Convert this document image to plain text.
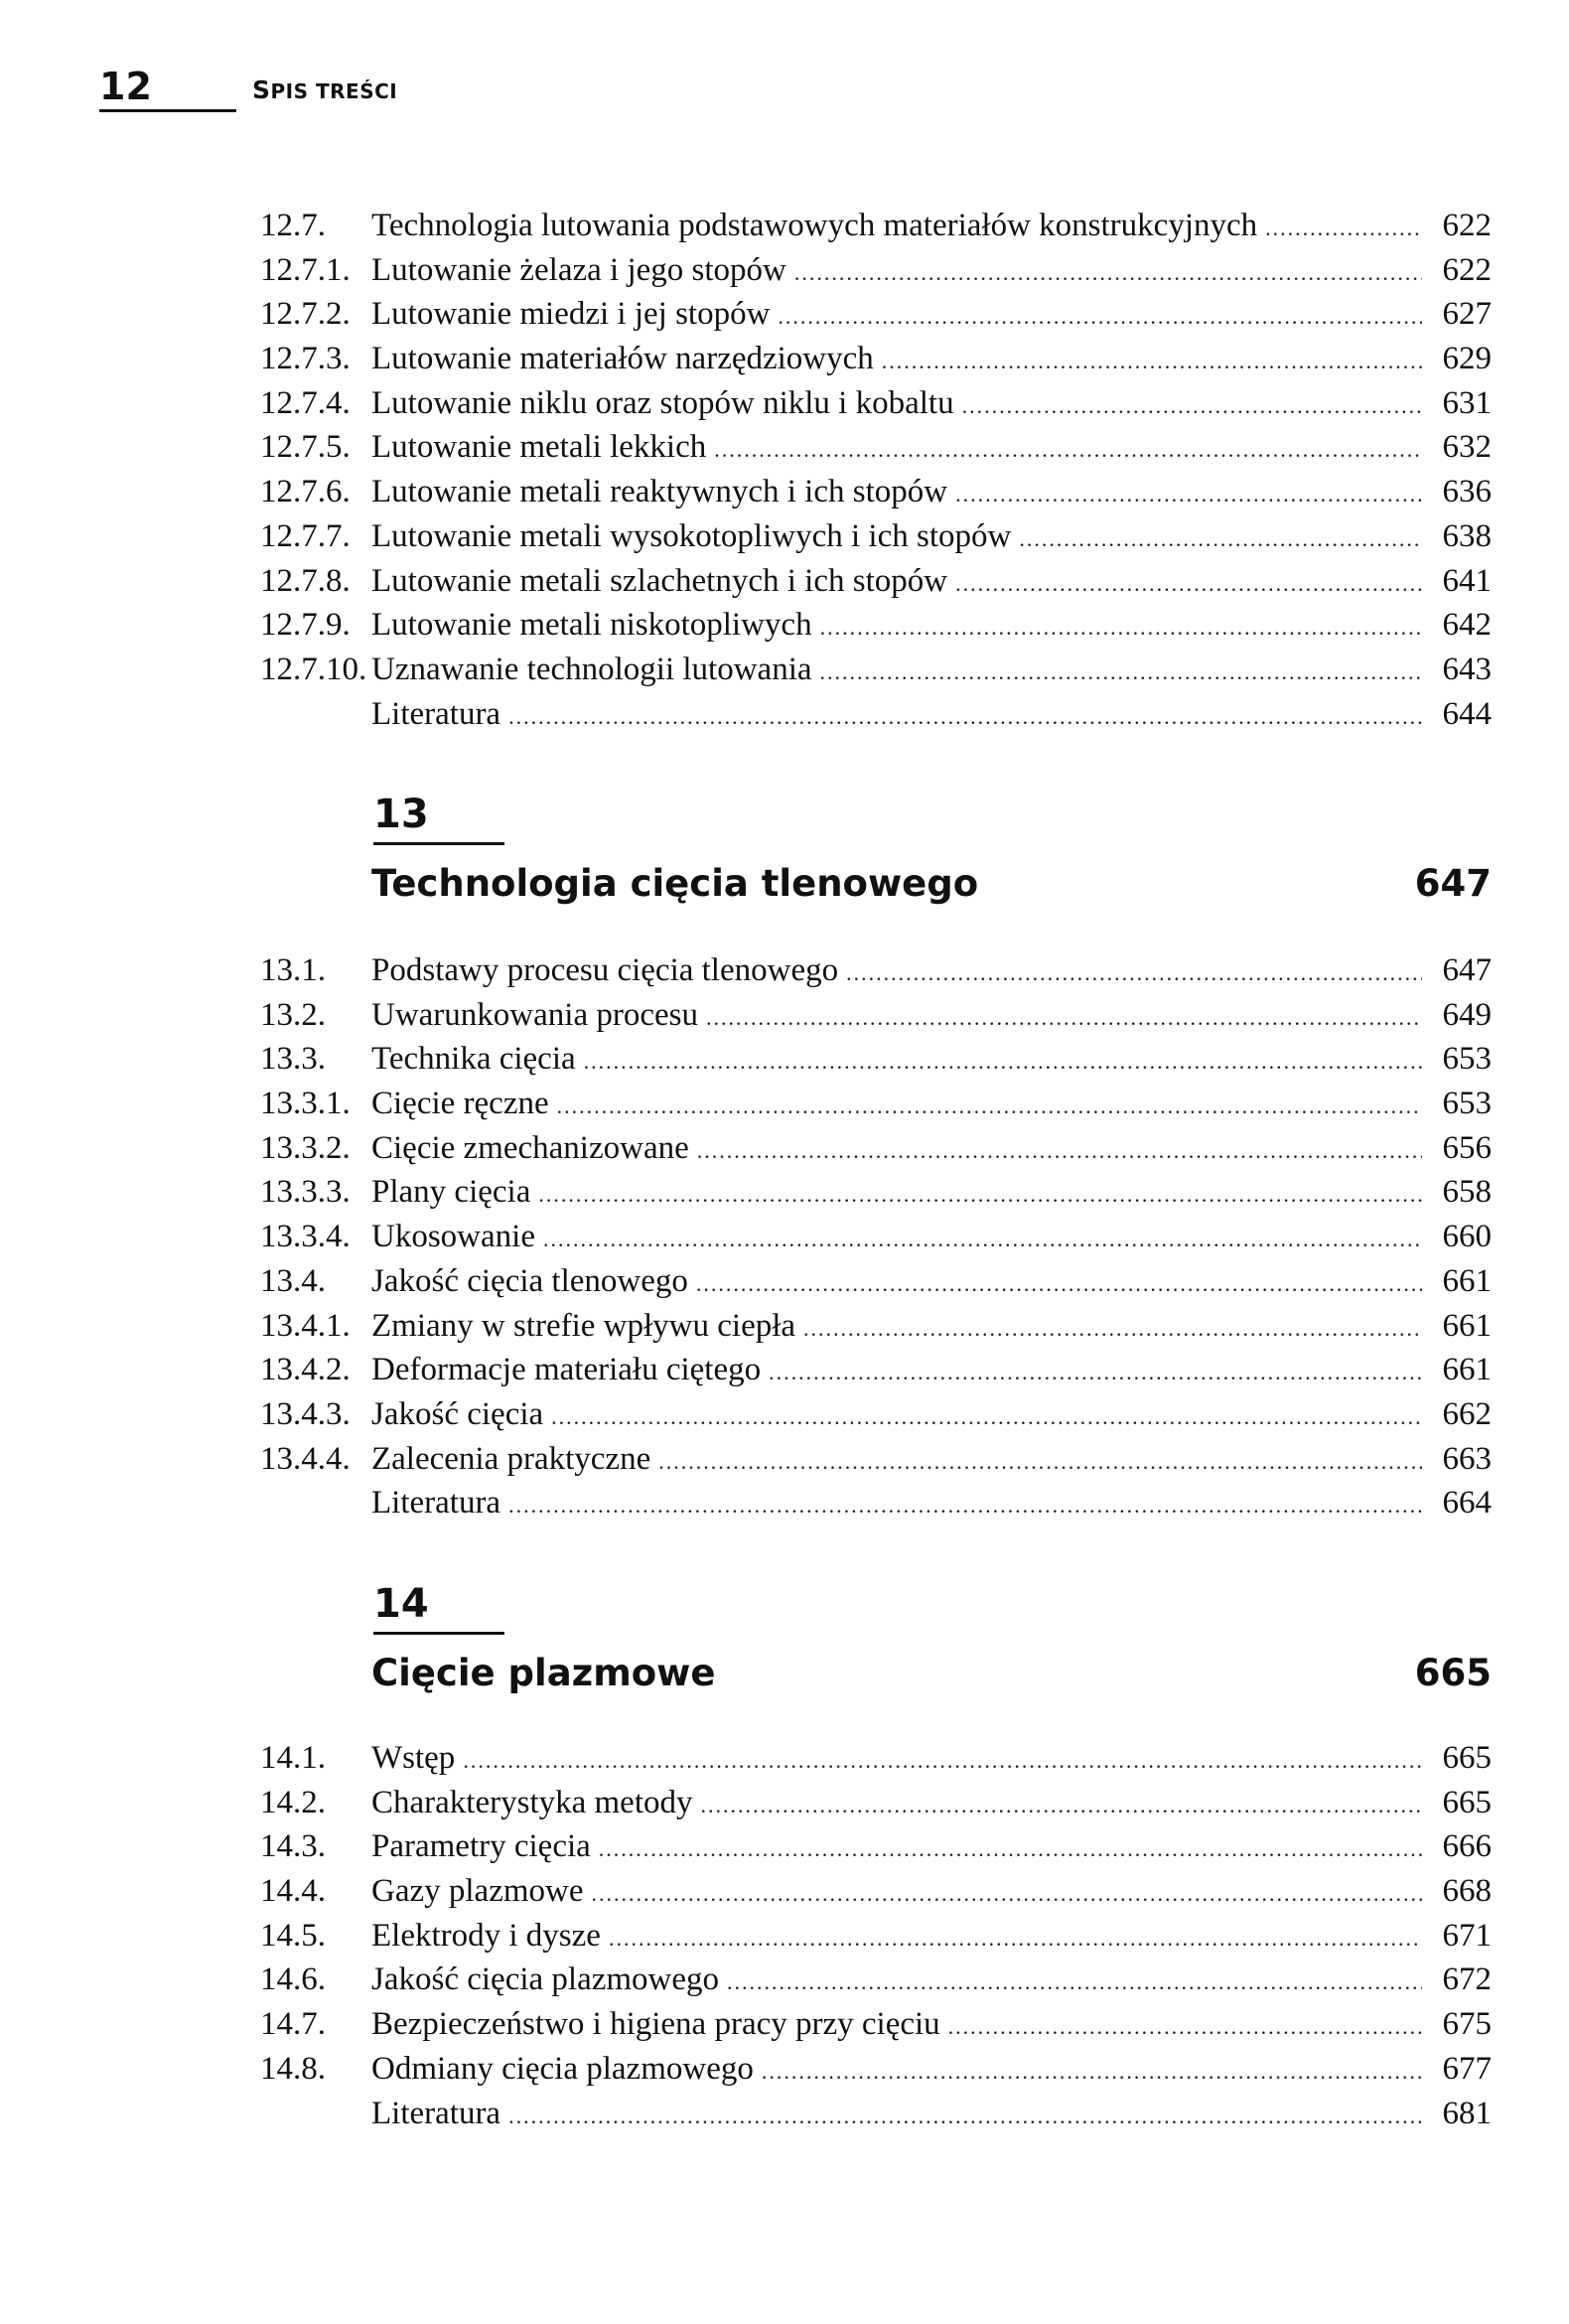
12	SPIS TREŚCI
12.7.	Technologia lutowania podstawowych materiałów konstrukcyjnych .....	622
12.7.1. Lutowanie żelaza i jego stopów .....	622
12.7.2. Lutowanie miedzi i jej stopów .....	627
12.7.3. Lutowanie materiałów narzędziowych .....	629
12.7.4. Lutowanie niklu oraz stopów niklu i kobaltu .....	631
12.7.5. Lutowanie metali lekkich .....	632
12.7.6. Lutowanie metali reaktywnych i ich stopów .....	636
12.7.7. Lutowanie metali wysokotopliwych i ich stopów .....	638
12.7.8. Lutowanie metali szlachetnych i ich stopów .....	641
12.7.9. Lutowanie metali niskotopliwych .....	642
12.7.10. Uznawanie technologii lutowania .....	643
Literatura .....	644
13
Technologia cięcia tlenowego	647
13.1.	Podstawy procesu cięcia tlenowego .....	647
13.2.	Uwarunkowania procesu .....	649
13.3.	Technika cięcia .....	653
13.3.1. Cięcie ręczne .....	653
13.3.2. Cięcie zmechanizowane .....	656
13.3.3. Plany cięcia .....	658
13.3.4. Ukosowanie .....	660
13.4.	Jakość cięcia tlenowego .....	661
13.4.1. Zmiany w strefie wpływu ciepła .....	661
13.4.2. Deformacje materiału ciętego .....	661
13.4.3. Jakość cięcia .....	662
13.4.4. Zalecenia praktyczne .....	663
Literatura .....	664
14
Cięcie plazmowe	665
14.1.	Wstęp .....	665
14.2.	Charakterystyka metody .....	665
14.3.	Parametry cięcia .....	666
14.4.	Gazy plazmowe .....	668
14.5.	Elektrody i dysze .....	671
14.6.	Jakość cięcia plazmowego .....	672
14.7.	Bezpieczeństwo i higiena pracy przy cięciu .....	675
14.8.	Odmiany cięcia plazmowego .....	677
Literatura .....	681
